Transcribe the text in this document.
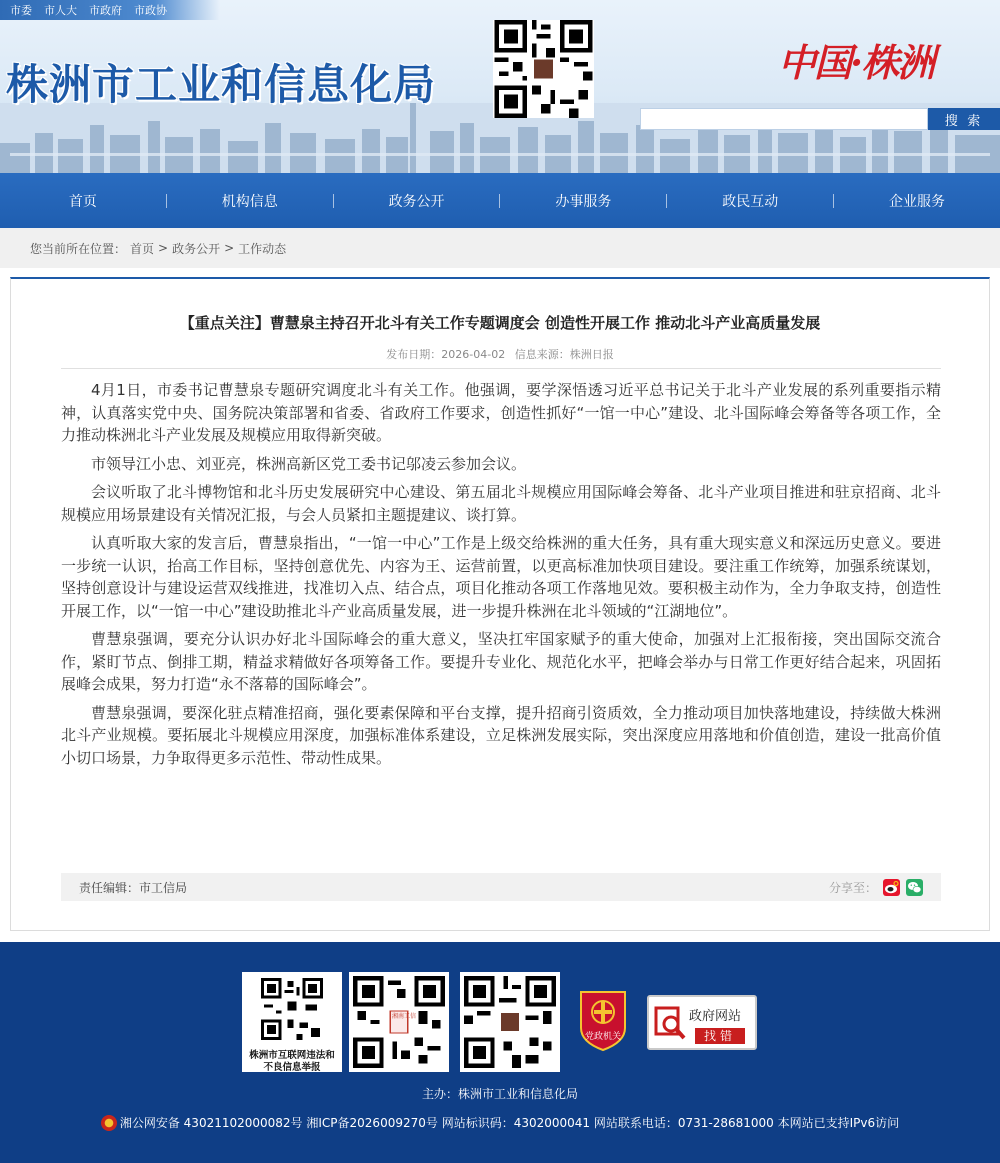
市委 市人大 市政府 市政协
株洲市工业和信息化局	中国·株洲
搜 索
首页	机构信息	政务公开	办事服务	政民互动	企业服务
您当前所在位置： 首页 > 政务公开 > 工作动态
【重点关注】曹慧泉主持召开北斗有关工作专题调度会 创造性开展工作 推动北斗产业高质量发展
发布日期：2026-04-02 信息来源：株洲日报

4月1日，市委书记曹慧泉专题研究调度北斗有关工作。他强调，要学深悟透习近平总书记关于北斗产业发展的系列重要指示精神，认真落实党中央、国务院决策部署和省委、省政府工作要求，创造性抓好“一馆一中心”建设、北斗国际峰会筹备等各项工作，全力推动株洲北斗产业发展及规模应用取得新突破。

市领导江小忠、刘亚亮，株洲高新区党工委书记邬凌云参加会议。

会议听取了北斗博物馆和北斗历史发展研究中心建设、第五届北斗规模应用国际峰会筹备、北斗产业项目推进和驻京招商、北斗规模应用场景建设有关情况汇报，与会人员紧扣主题提建议、谈打算。

认真听取大家的发言后，曹慧泉指出，“一馆一中心”工作是上级交给株洲的重大任务，具有重大现实意义和深远历史意义。要进一步统一认识，抬高工作目标，坚持创意优先、内容为王、运营前置，以更高标准加快项目建设。要注重工作统筹，加强系统谋划，坚持创意设计与建设运营双线推进，找准切入点、结合点，项目化推动各项工作落地见效。要积极主动作为，全力争取支持，创造性开展工作，以“一馆一中心”建设助推北斗产业高质量发展，进一步提升株洲在北斗领域的“江湖地位”。

曹慧泉强调，要充分认识办好北斗国际峰会的重大意义，坚决扛牢国家赋予的重大使命，加强对上汇报衔接，突出国际交流合作，紧盯节点、倒排工期，精益求精做好各项筹备工作。要提升专业化、规范化水平，把峰会举办与日常工作更好结合起来，巩固拓展峰会成果，努力打造“永不落幕的国际峰会”。

曹慧泉强调，要深化驻点精准招商，强化要素保障和平台支撑，提升招商引资质效，全力推动项目加快落地建设，持续做大株洲北斗产业规模。要拓展北斗规模应用深度，加强标准体系建设，立足株洲发展实际，突出深度应用落地和价值创造，建设一批高价值小切口场景，力争取得更多示范性、带动性成果。

责任编辑：市工信局	分享至：
株洲市互联网违法和不良信息举报
湘南工信
党政机关
政府网站
找错
主办：株洲市工业和信息化局
湘公网安备 43021102000082号 湘ICP备2026009270号 网站标识码：4302000041 网站联系电话：0731-28681000 本网站已支持IPv6访问
